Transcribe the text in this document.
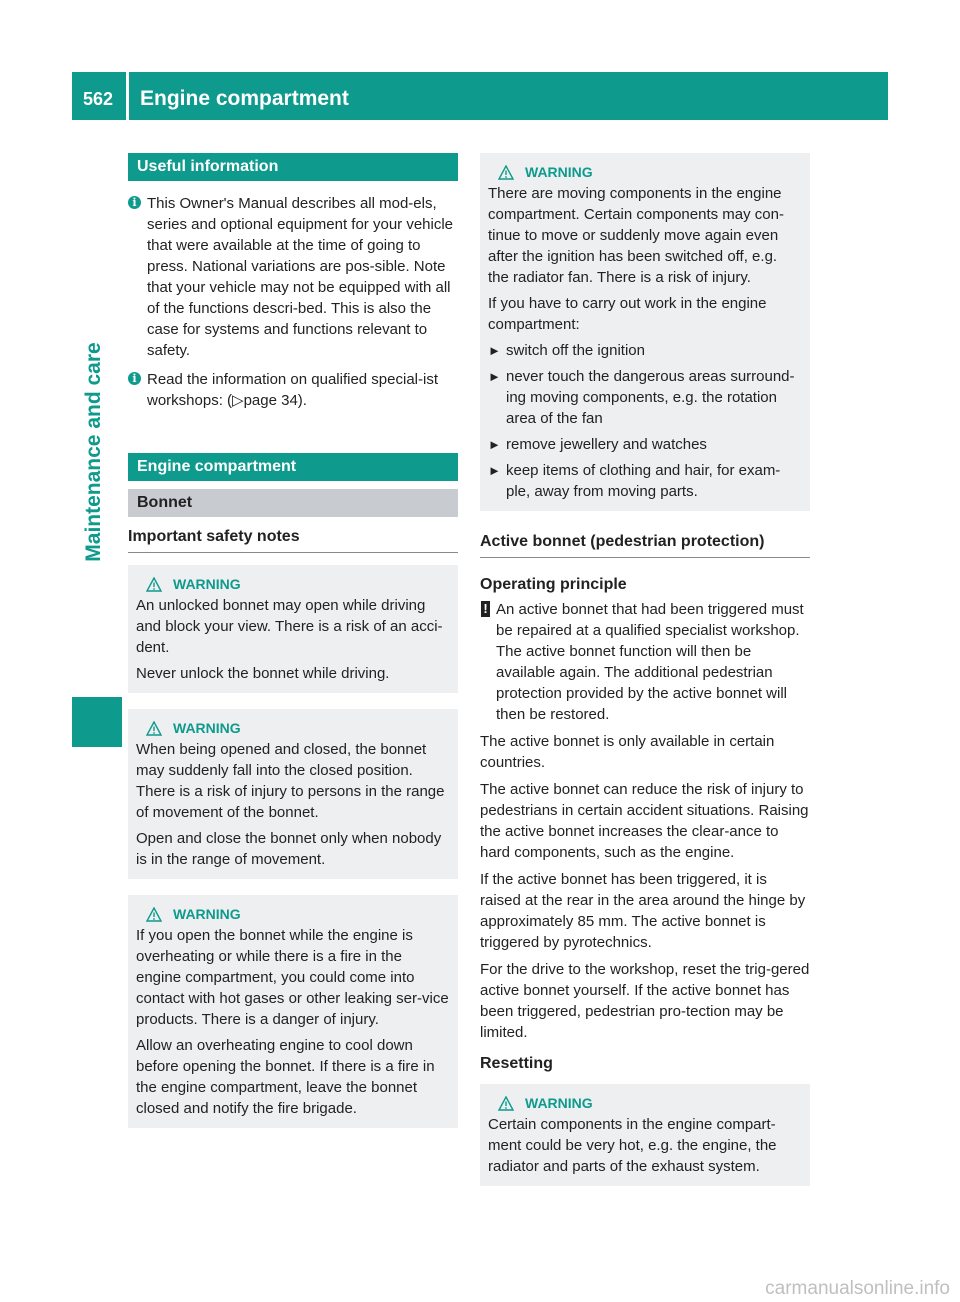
562	Engine compartment
Maintenance and care
Useful information
i This Owner's Manual describes all mod-els, series and optional equipment for your vehicle that were available at the time of going to press. National variations are pos-sible. Note that your vehicle may not be equipped with all of the functions descri-bed. This is also the case for systems and functions relevant to safety.
i Read the information on qualified special-ist workshops: (▷page 34).
Engine compartment
Bonnet
Important safety notes
WARNING

An unlocked bonnet may open while driving and block your view. There is a risk of an acci-dent.

Never unlock the bonnet while driving.

WARNING

When being opened and closed, the bonnet may suddenly fall into the closed position. There is a risk of injury to persons in the range of movement of the bonnet.

Open and close the bonnet only when nobody is in the range of movement.

WARNING

If you open the bonnet while the engine is overheating or while there is a fire in the engine compartment, you could come into contact with hot gases or other leaking ser-vice products. There is a danger of injury.

Allow an overheating engine to cool down before opening the bonnet. If there is a fire in the engine compartment, leave the bonnet closed and notify the fire brigade.

WARNING

There are moving components in the engine compartment. Certain components may con-tinue to move or suddenly move again even after the ignition has been switched off, e.g. the radiator fan. There is a risk of injury.

If you have to carry out work in the engine compartment:

► switch off the ignition
► never touch the dangerous areas surround-ing moving components, e.g. the rotation area of the fan
► remove jewellery and watches
► keep items of clothing and hair, for exam-ple, away from moving parts.
Active bonnet (pedestrian protection)
Operating principle
! An active bonnet that had been triggered must be repaired at a qualified specialist workshop. The active bonnet function will then be available again. The additional pedestrian protection provided by the active bonnet will then be restored.
The active bonnet is only available in certain countries.
The active bonnet can reduce the risk of injury to pedestrians in certain accident situations. Raising the active bonnet increases the clear-ance to hard components, such as the engine.
If the active bonnet has been triggered, it is raised at the rear in the area around the hinge by approximately 85 mm. The active bonnet is triggered by pyrotechnics.
For the drive to the workshop, reset the trig-gered active bonnet yourself. If the active bonnet has been triggered, pedestrian pro-tection may be limited.
Resetting
WARNING

Certain components in the engine compart-ment could be very hot, e.g. the engine, the radiator and parts of the exhaust system.

carmanualsonline.info
